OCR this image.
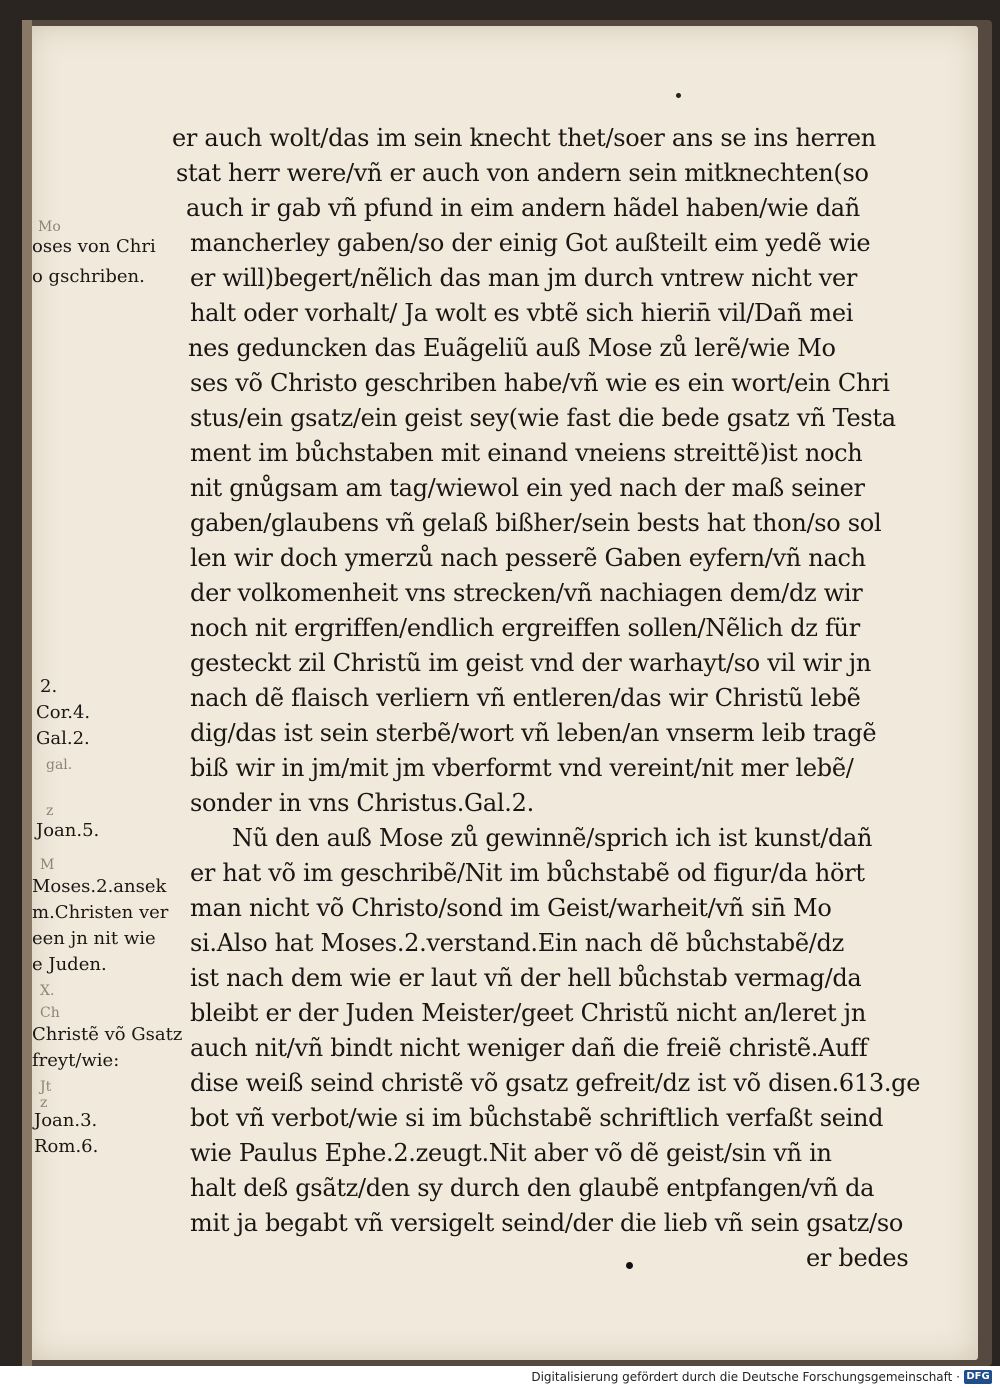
er auch wolt/das im sein knecht thet/soer ans se ins herren
stat herr were/vñ er auch von andern sein mitknechten(so
auch ir gab vñ pfund in eim andern hãdel haben/wie dañ
mancherley gaben/so der einig Got außteilt eim yedẽ wie
er will)begert/nẽlich das man jm durch vntrew nicht ver
halt oder vorhalt/ Ja wolt es vbtẽ sich hierin̄ vil/Dañ mei
nes geduncken das Euãgeliũ auß Mose zů lerẽ/wie Mo
ses võ Christo geschriben habe/vñ wie es ein wort/ein Chri
stus/ein gsatz/ein geist sey(wie fast die bede gsatz vñ Testa
ment im bůchstaben mit einand vneiens streittẽ)ist noch
nit gnůgsam am tag/wiewol ein yed nach der maß seiner
gaben/glaubens vñ gelaß bißher/sein bests hat thon/so sol
len wir doch ymerzů nach pesserẽ Gaben eyfern/vñ nach
der volkomenheit vns strecken/vñ nachiagen dem/dz wir
noch nit ergriffen/endlich ergreiffen sollen/Nẽlich dz für
gesteckt zil Christũ im geist vnd der warhayt/so vil wir jn
nach dẽ flaisch verliern vñ entleren/das wir Christũ lebẽ
dig/das ist sein sterbẽ/wort vñ leben/an vnserm leib tragẽ
biß wir in jm/mit jm vberformt vnd vereint/nit mer lebẽ/
sonder in vns Christus.Gal.2.
Nũ den auß Mose zů gewinnẽ/sprich ich ist kunst/dañ
er hat võ im geschribẽ/Nit im bůchstabẽ od figur/da hört
man nicht võ Christo/sond im Geist/warheit/vñ sin̄ Mo
si.Also hat Moses.2.verstand.Ein nach dẽ bůchstabẽ/dz
ist nach dem wie er laut vñ der hell bůchstab vermag/da
bleibt er der Juden Meister/geet Christũ nicht an/leret jn
auch nit/vñ bindt nicht weniger dañ die freiẽ christẽ.Auff
dise weiß seind christẽ võ gsatz gefreit/dz ist võ disen.613.ge
bot vñ verbot/wie si im bůchstabẽ schriftlich verfaßt seind
wie Paulus Ephe.2.zeugt.Nit aber võ dẽ geist/sin vñ in
halt deß gsãtz/den sy durch den glaubẽ entpfangen/vñ da
mit ja begabt vñ versigelt seind/der die lieb vñ sein gsatz/so
er bedes
Mo
oses von Chri
o gschriben.
2.
Cor.4.
Gal.2.
gal.
z
Joan.5.
M
Moses.2.ansek
m.Christen ver
een jn nit wie
e Juden.
X.
Ch
Christẽ võ Gsatz
freyt/wie:
Jt
z
Joan.3.
Rom.6.
Digitalisierung gefördert durch die Deutsche Forschungsgemeinschaft · DFG
